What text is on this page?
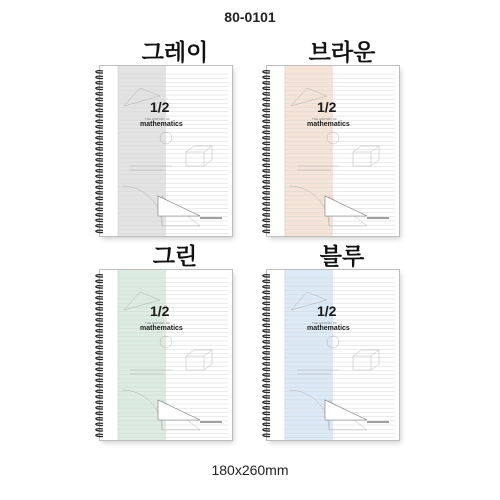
80-0101
그레이
1/2
THE HISTORY OF
mathematics
브라운
1/2
THE HISTORY OF
mathematics
그린
1/2
THE HISTORY OF
mathematics
블루
1/2
THE HISTORY OF
mathematics
180x260mm
